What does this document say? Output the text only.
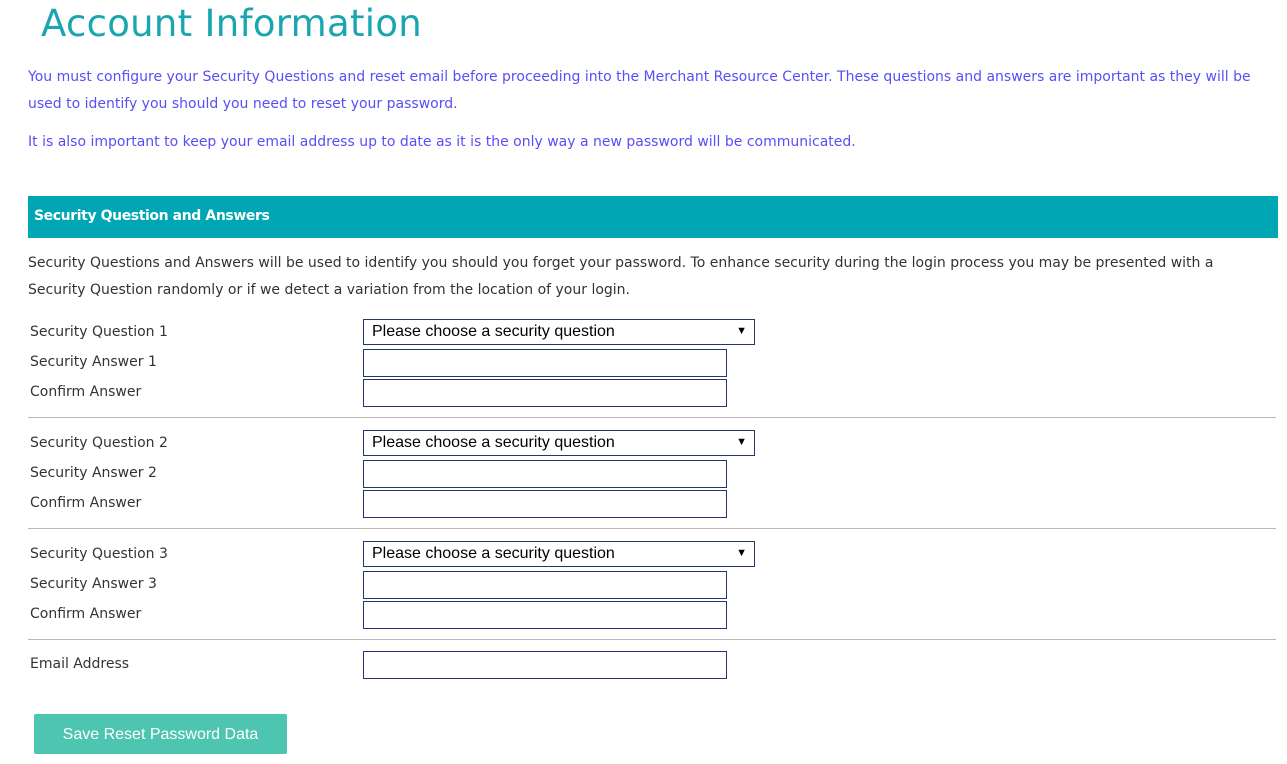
Account Information

You must configure your Security Questions and reset email before proceeding into the Merchant Resource Center. These questions and answers are important as they will be used to identify you should you need to reset your password.

It is also important to keep your email address up to date as it is the only way a new password will be communicated.

Security Question and Answers

Security Questions and Answers will be used to identify you should you forget your password. To enhance security during the login process you may be presented with a Security Question randomly or if we detect a variation from the location of your login.

Security Question 1	Please choose a security question	▼
Security Answer 1
Confirm Answer
Security Question 2	Please choose a security question	▼
Security Answer 2
Confirm Answer
Security Question 3	Please choose a security question	▼
Security Answer 3
Confirm Answer
Email Address
Save Reset Password Data
